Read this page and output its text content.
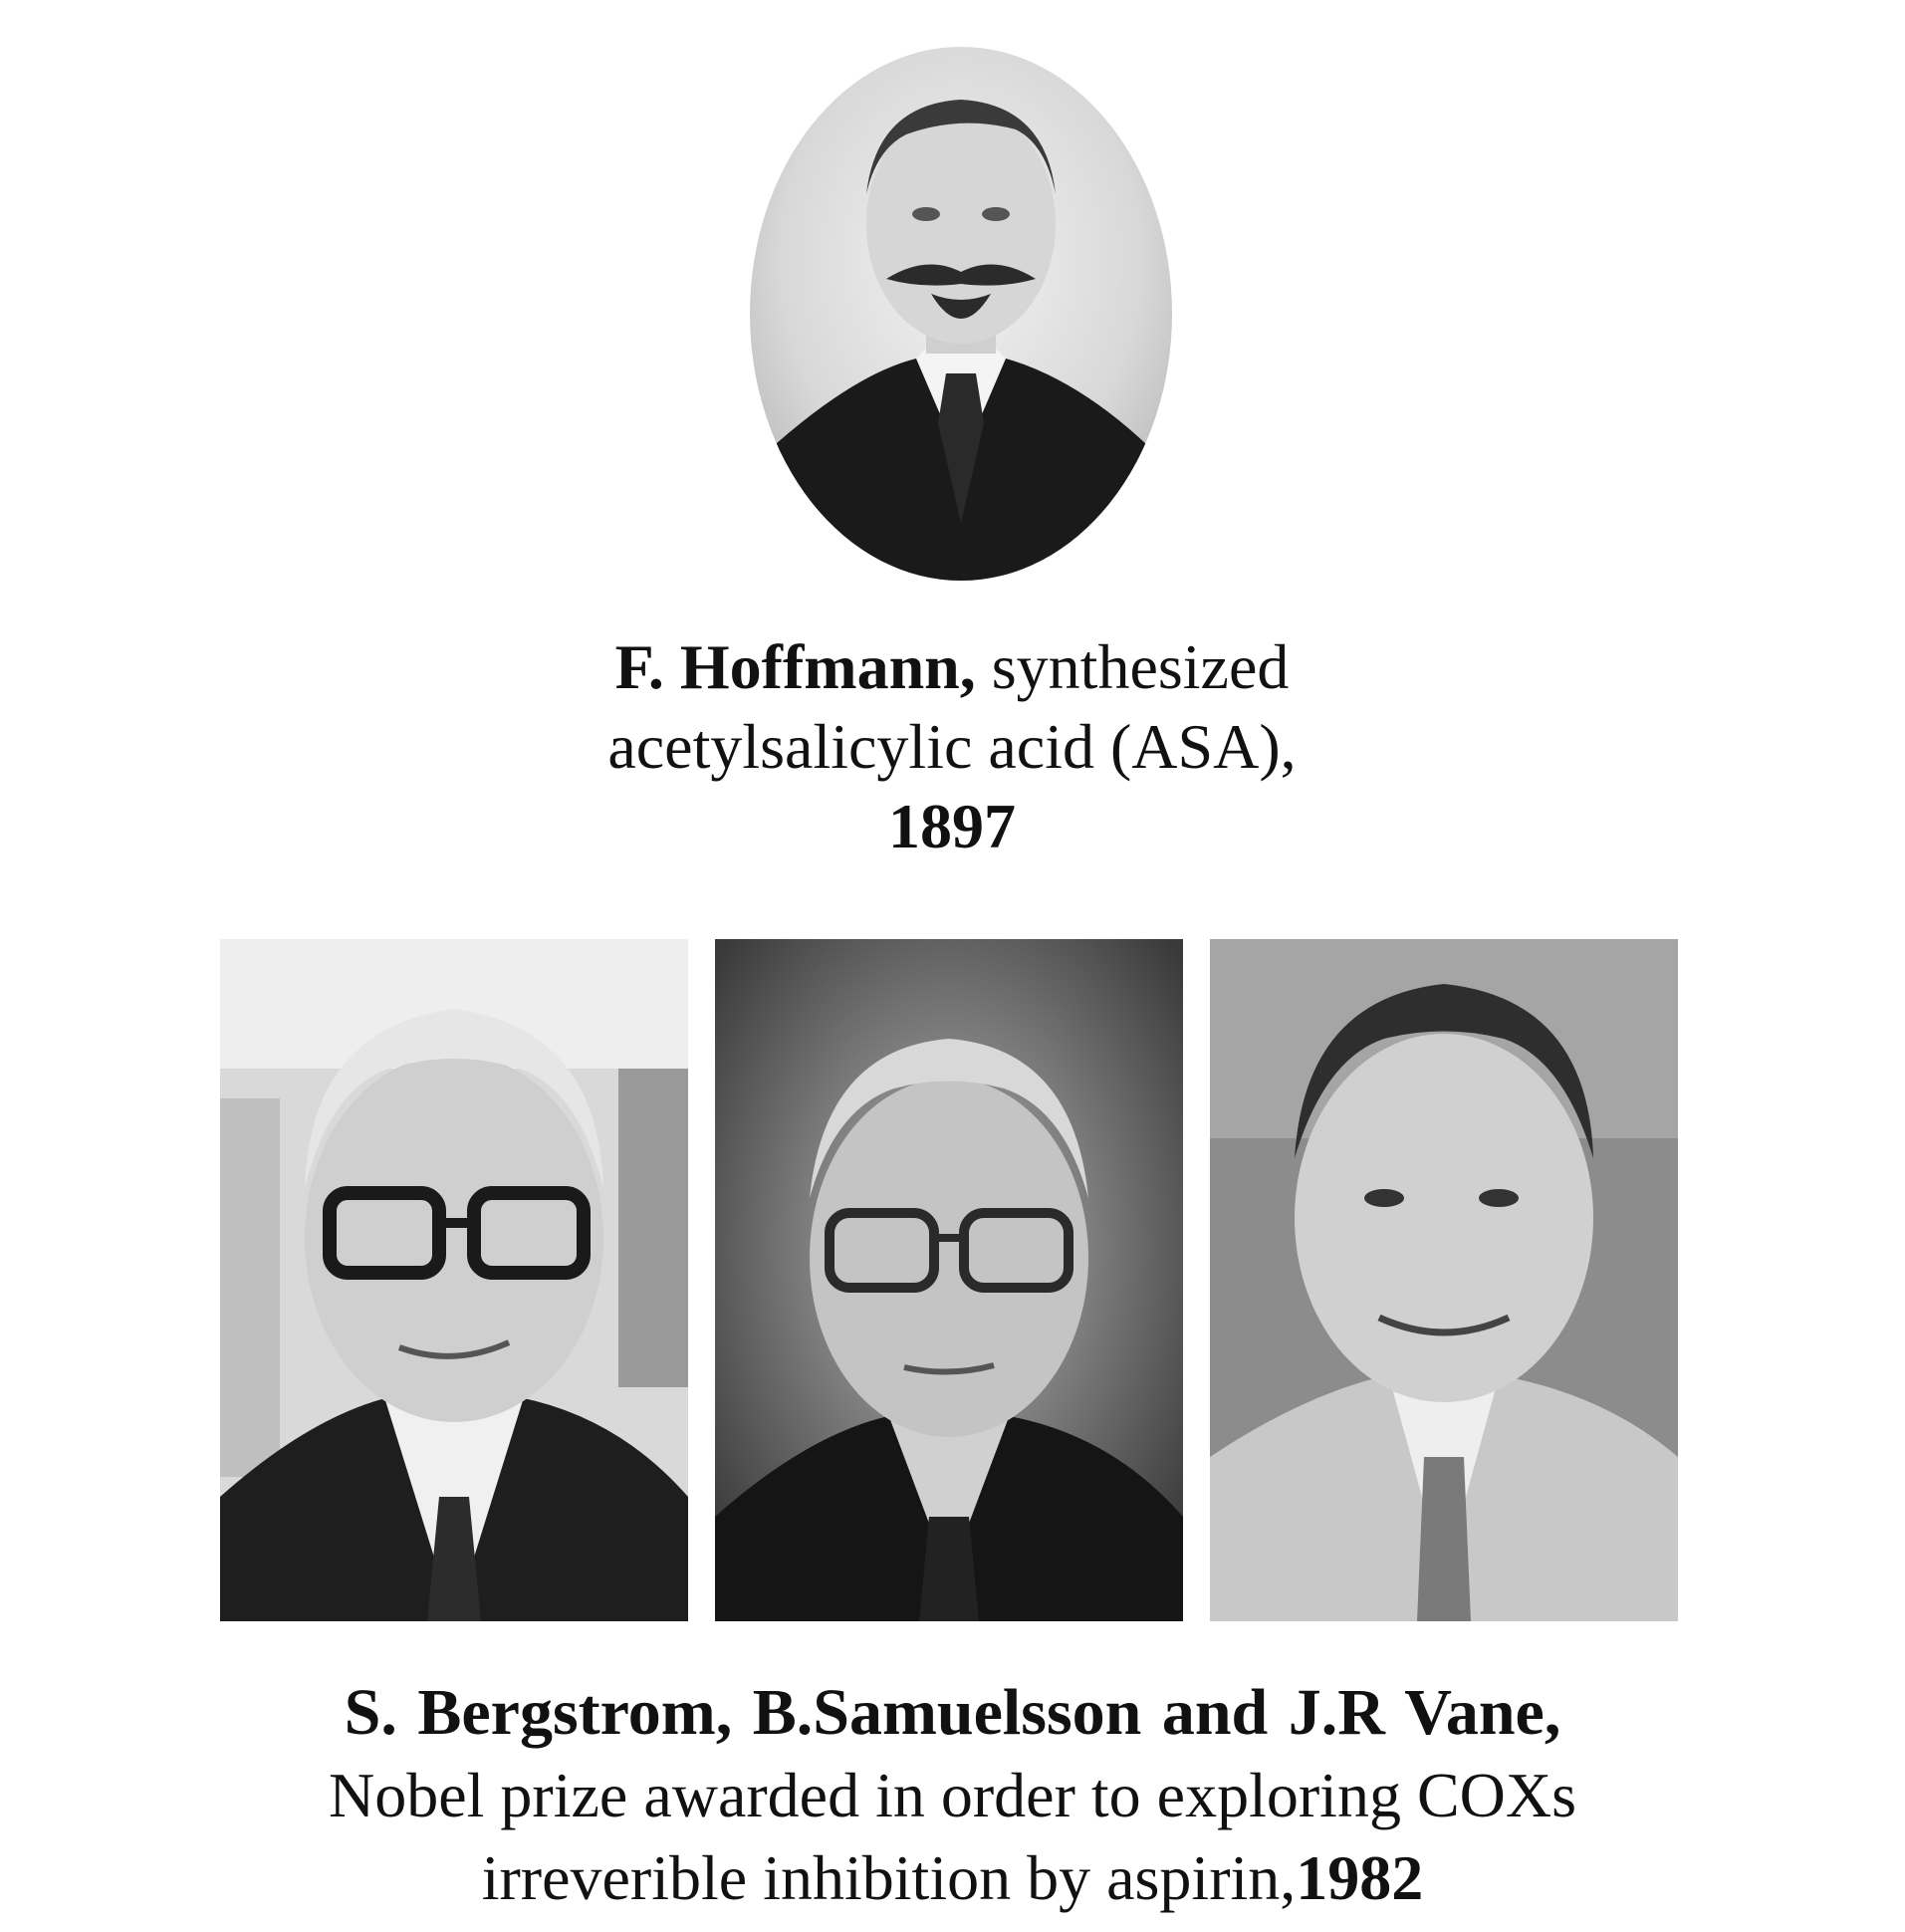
F. Hoffmann, synthesized
acetylsalicylic acid (ASA),
1897
S. Bergstrom, B.Samuelsson and J.R Vane,
Nobel prize awarded in order to exploring COXs
irreverible inhibition by aspirin,1982
